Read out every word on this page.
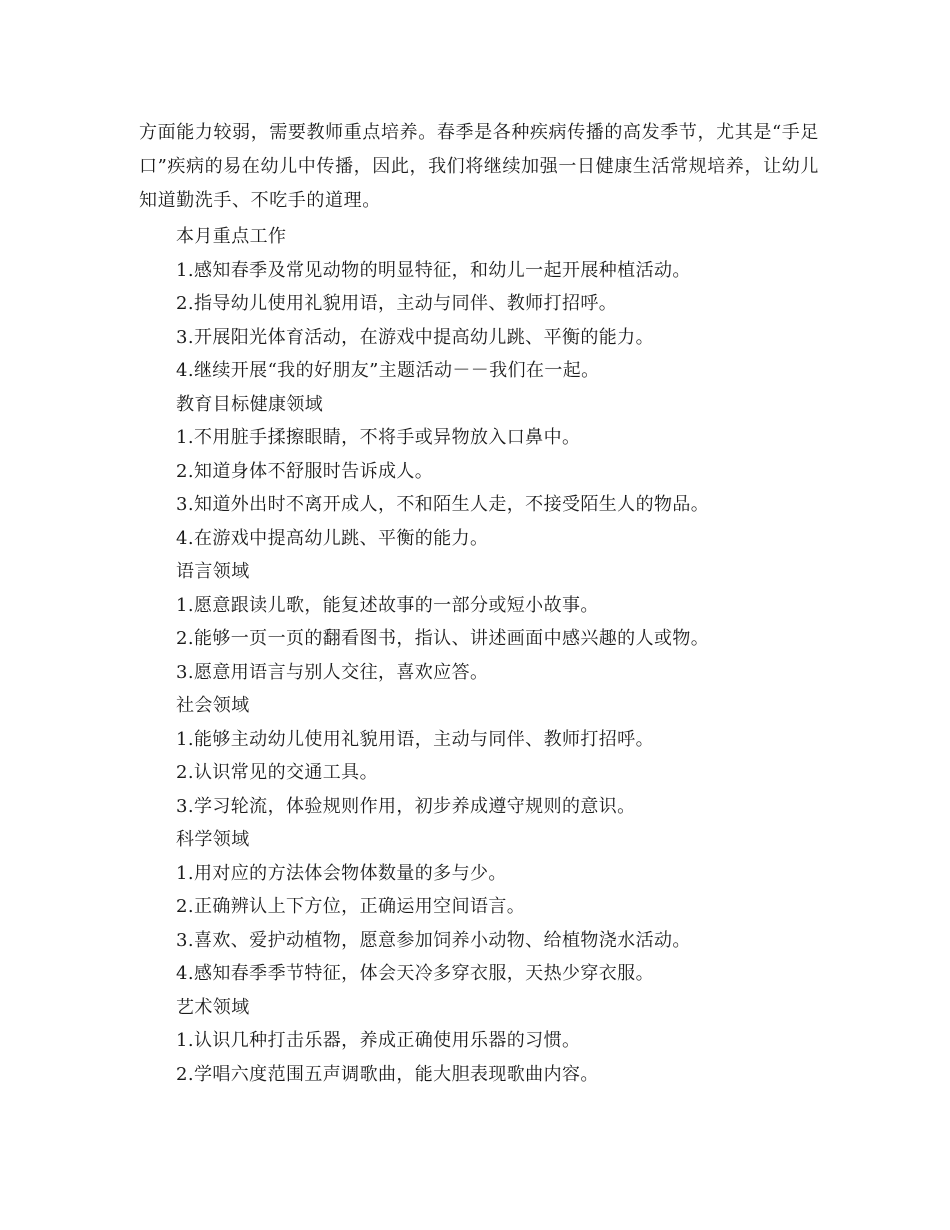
方面能力较弱，需要教师重点培养。春季是各种疾病传播的高发季节，尤其是“手足口”疾病的易在幼儿中传播，因此，我们将继续加强一日健康生活常规培养，让幼儿知道勤洗手、不吃手的道理。

本月重点工作
1.感知春季及常见动物的明显特征，和幼儿一起开展种植活动。
2.指导幼儿使用礼貌用语，主动与同伴、教师打招呼。
3.开展阳光体育活动，在游戏中提高幼儿跳、平衡的能力。
4.继续开展“我的好朋友”主题活动－－我们在一起。
教育目标健康领域
1.不用脏手揉擦眼睛，不将手或异物放入口鼻中。
2.知道身体不舒服时告诉成人。
3.知道外出时不离开成人，不和陌生人走，不接受陌生人的物品。
4.在游戏中提高幼儿跳、平衡的能力。
语言领域
1.愿意跟读儿歌，能复述故事的一部分或短小故事。
2.能够一页一页的翻看图书，指认、讲述画面中感兴趣的人或物。
3.愿意用语言与别人交往，喜欢应答。
社会领域
1.能够主动幼儿使用礼貌用语，主动与同伴、教师打招呼。
2.认识常见的交通工具。
3.学习轮流，体验规则作用，初步养成遵守规则的意识。
科学领域
1.用对应的方法体会物体数量的多与少。
2.正确辨认上下方位，正确运用空间语言。
3.喜欢、爱护动植物，愿意参加饲养小动物、给植物浇水活动。
4.感知春季季节特征，体会天冷多穿衣服，天热少穿衣服。
艺术领域
1.认识几种打击乐器，养成正确使用乐器的习惯。
2.学唱六度范围五声调歌曲，能大胆表现歌曲内容。
